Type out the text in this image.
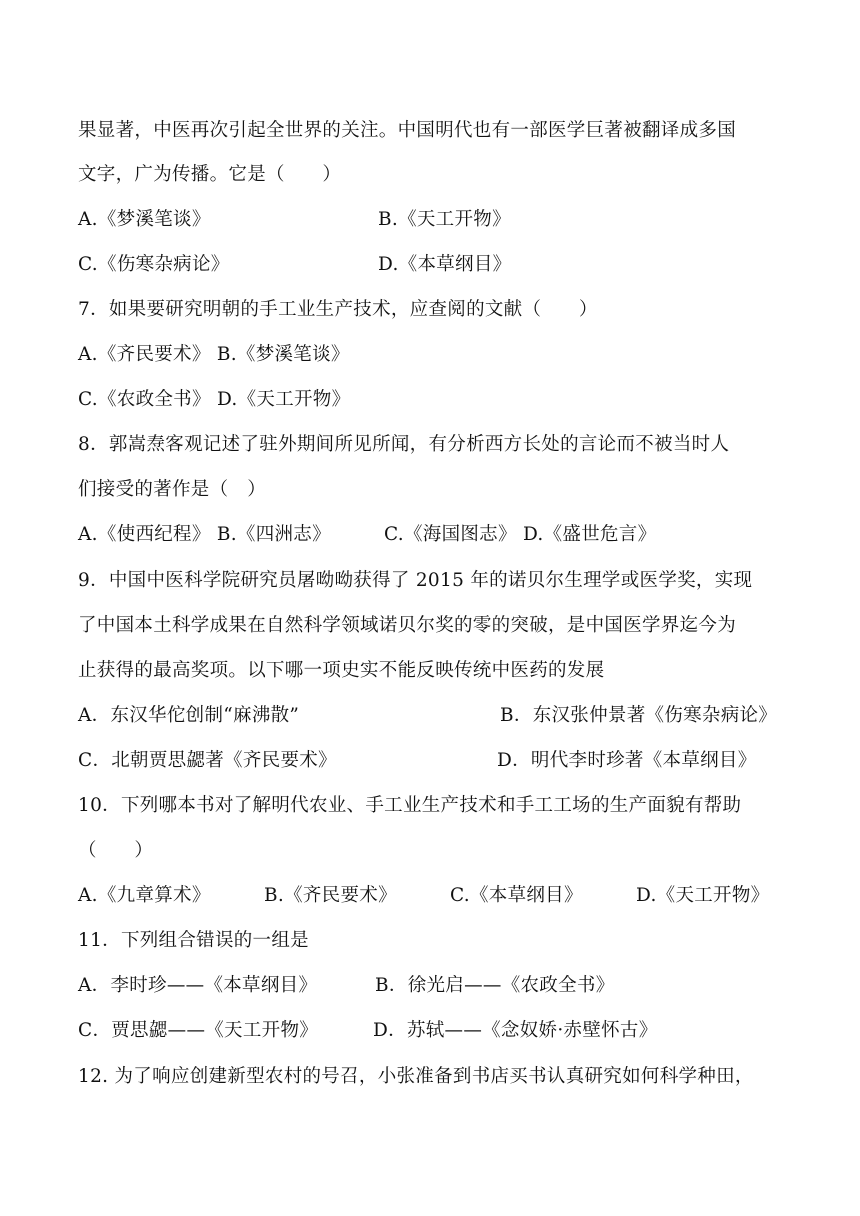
果显著，中医再次引起全世界的关注。中国明代也有一部医学巨著被翻译成多国
文字，广为传播。它是（　　）
A.《梦溪笔谈》	B.《天工开物》
C.《伤寒杂病论》	D.《本草纲目》
7．如果要研究明朝的手工业生产技术，应查阅的文献（　　）
A.《齐民要术》 B.《梦溪笔谈》
C.《农政全书》 D.《天工开物》
8．郭嵩焘客观记述了驻外期间所见所闻，有分析西方长处的言论而不被当时人
们接受的著作是（　）
A.《使西纪程》 B.《四洲志》	C.《海国图志》 D.《盛世危言》
9．中国中医科学院研究员屠呦呦获得了 2015 年的诺贝尔生理学或医学奖，实现
了中国本土科学成果在自然科学领域诺贝尔奖的零的突破，是中国医学界迄今为
止获得的最高奖项。以下哪一项史实不能反映传统中医药的发展
A．东汉华佗创制“麻沸散”	B．东汉张仲景著《伤寒杂病论》
C．北朝贾思勰著《齐民要术》	D．明代李时珍著《本草纲目》
10．下列哪本书对了解明代农业、手工业生产技术和手工工场的生产面貌有帮助
（　　）
A.《九章算术》	B.《齐民要术》	C.《本草纲目》	D.《天工开物》
11．下列组合错误的一组是
A．李时珍——《本草纲目》	B．徐光启——《农政全书》
C．贾思勰——《天工开物》	D．苏轼——《念奴娇·赤壁怀古》
12. 为了响应创建新型农村的号召，小张准备到书店买书认真研究如何科学种田，
